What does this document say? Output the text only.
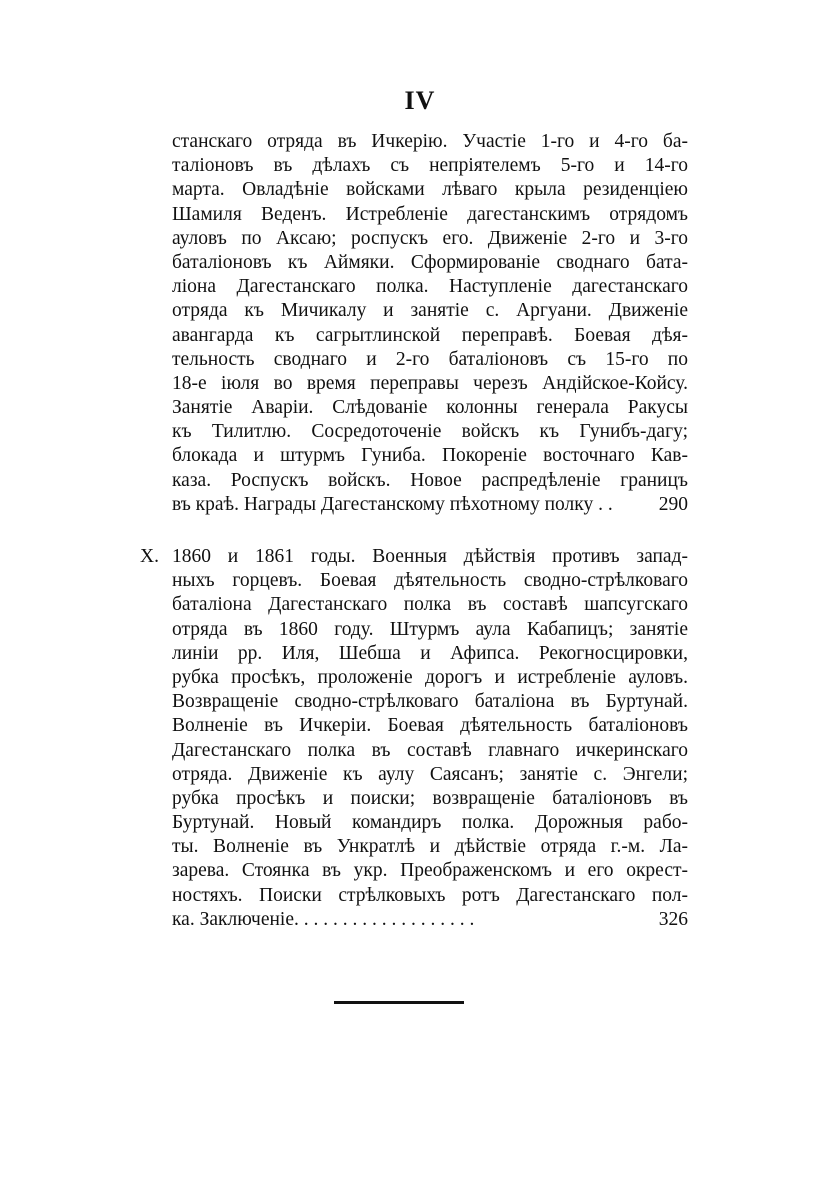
IV
станскаго отряда въ Ичкерію. Участіе 1-го и 4-го ба-
таліоновъ въ дѣлахъ съ непріятелемъ 5-го и 14-го
марта. Овладѣніе войсками лѣваго крыла резиденціею
Шамиля Веденъ. Истребленіе дагестанскимъ отрядомъ
ауловъ по Аксаю; роспускъ его. Движеніе 2-го и 3-го
баталіоновъ къ Аймяки. Сформированіе своднаго бата-
ліона Дагестанскаго полка. Наступленіе дагестанскаго
отряда къ Мичикалу и занятіе с. Аргуани. Движеніе
авангарда къ сагрытлинской переправѣ. Боевая дѣя-
тельность своднаго и 2-го баталіоновъ съ 15-го по
18-е іюля во время переправы черезъ Андійское-Койсу.
Занятіе Аваріи. Слѣдованіе колонны генерала Ракусы
къ Тилитлю. Сосредоточеніе войскъ къ Гунибъ-дагу;
блокада и штурмъ Гуниба. Покореніе восточнаго Кав-
каза. Роспускъ войскъ. Новое распредѣленіе границъ
въ краѣ. Награды Дагестанскому пѣхотному полку . .	290
X. 1860 и 1861 годы. Военныя дѣйствія противъ запад-
ныхъ горцевъ. Боевая дѣятельность сводно-стрѣлковаго
баталіона Дагестанскаго полка въ составѣ шапсугскаго
отряда въ 1860 году. Штурмъ аула Кабапицъ; занятіе
линіи рр. Иля, Шебша и Афипса. Рекогносцировки,
рубка просѣкъ, проложеніе дорогъ и истребленіе ауловъ.
Возвращеніе сводно-стрѣлковаго баталіона въ Буртунай.
Волненіе въ Ичкеріи. Боевая дѣятельность баталіоновъ
Дагестанскаго полка въ составѣ главнаго ичкеринскаго
отряда. Движеніе къ аулу Саясанъ; занятіе с. Энгели;
рубка просѣкъ и поиски; возвращеніе баталіоновъ въ
Буртунай. Новый командиръ полка. Дорожныя рабо-
ты. Волненіе въ Ункратлѣ и дѣйствіе отряда г.-м. Ла-
зарева. Стоянка въ укр. Преображенскомъ и его окрест-
ностяхъ. Поиски стрѣлковыхъ ротъ Дагестанскаго пол-
ка. Заключеніе. . . . . . . . . . . . . . . . . . .	326
